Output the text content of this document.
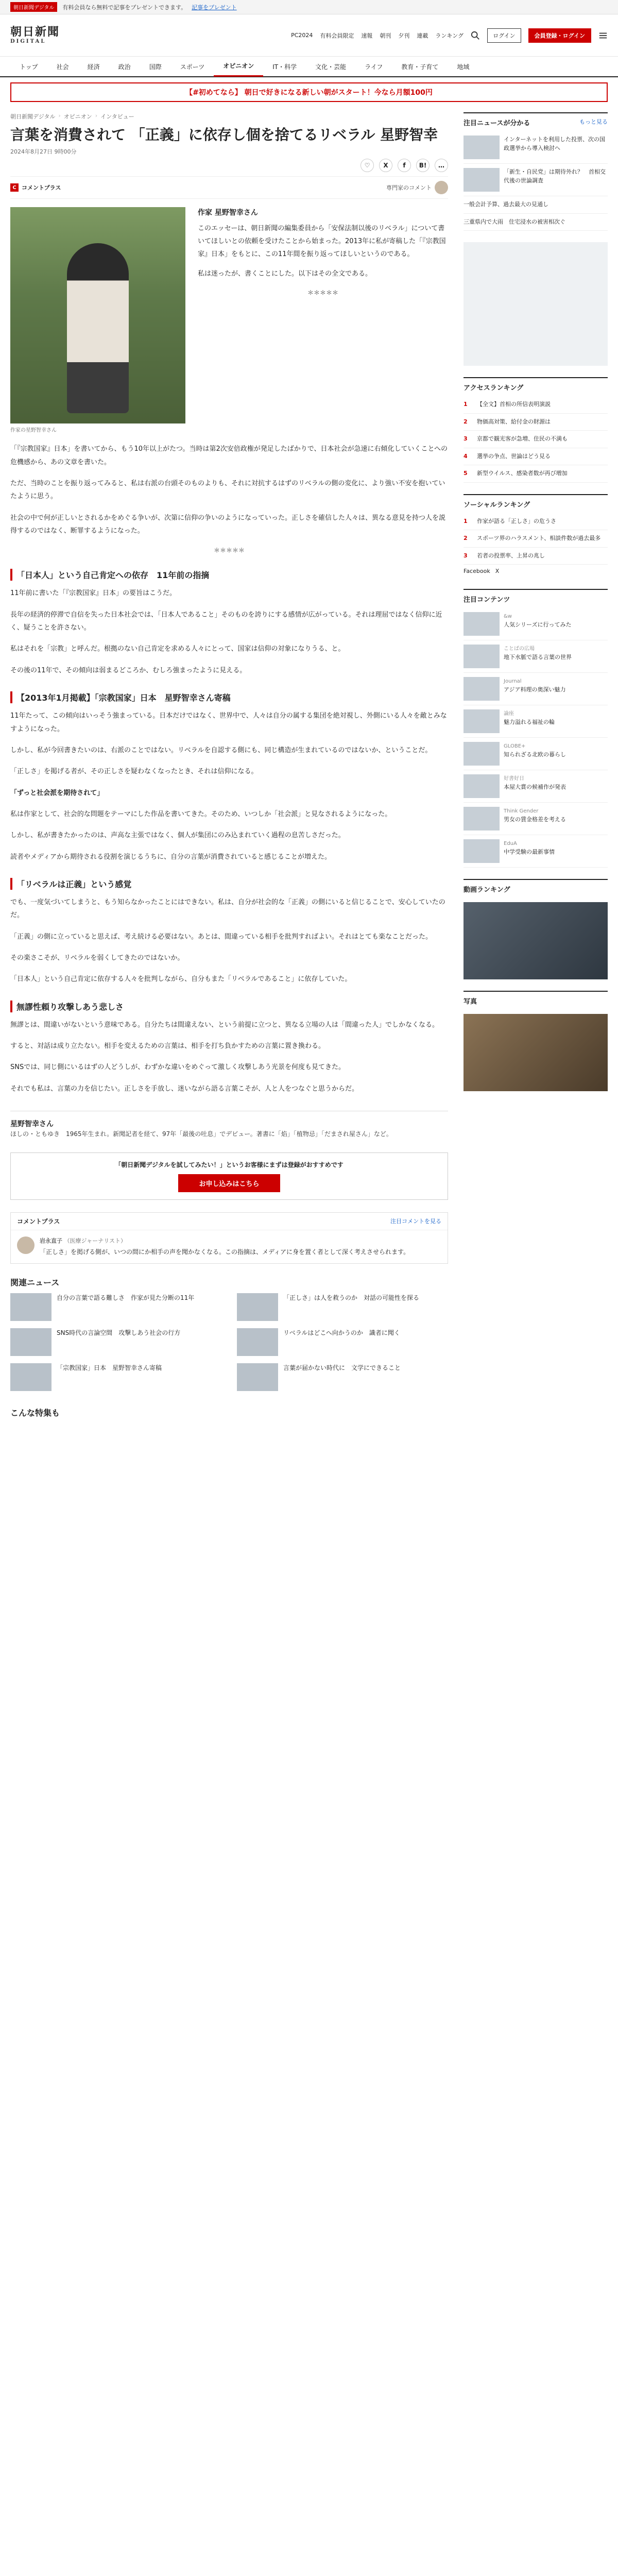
朝日新聞デジタル	有料会員なら無料で記事をプレゼントできます。 記事をプレゼント
朝日新聞
DIGITAL
PC2024 有料会員限定 速報 朝刊 夕刊 連載 ランキング	ログイン	会員登録・ログイン
トップ	社会	経済	政治	国際	スポーツ	オピニオン	IT・科学	文化・芸能	ライフ	教育・子育て	地域
【#初めてなら】 朝日で好きになる新しい朝がスタート！今なら月額100円
朝日新聞デジタル › オピニオン › インタビュー
言葉を消費されて 「正義」に依存し個を捨てるリベラル 星野智幸
2024年8月27日 9時00分
♡	X	f	B!	…
C コメントプラス	専門家のコメント
作家の星野智幸さん
作家 星野智幸さん

このエッセーは、朝日新聞の編集委員から「安保法制以後のリベラル」について書いてほしいとの依頼を受けたことから始まった。2013年に私が寄稿した「『宗教国家』日本」をもとに、この11年間を振り返ってほしいというのである。

私は迷ったが、書くことにした。以下はその全文である。

＊＊＊＊＊

「『宗教国家』日本」を書いてから、もう10年以上がたつ。当時は第2次安倍政権が発足したばかりで、日本社会が急速に右傾化していくことへの危機感から、あの文章を書いた。

ただ、当時のことを振り返ってみると、私は右派の台頭そのものよりも、それに対抗するはずのリベラルの側の変化に、より強い不安を抱いていたように思う。

社会の中で何が正しいとされるかをめぐる争いが、次第に信仰の争いのようになっていった。正しさを確信した人々は、異なる意見を持つ人を説得するのではなく、断罪するようになった。

＊＊＊＊＊
「日本人」という自己肯定への依存　11年前の指摘

11年前に書いた「『宗教国家』日本」の要旨はこうだ。

長年の経済的停滞で自信を失った日本社会では、「日本人であること」そのものを誇りにする感情が広がっている。それは理屈ではなく信仰に近く、疑うことを許さない。

私はそれを「宗教」と呼んだ。根拠のない自己肯定を求める人々にとって、国家は信仰の対象になりうる、と。

その後の11年で、その傾向は弱まるどころか、むしろ強まったように見える。

【2013年1月掲載】「宗教国家」日本　星野智幸さん寄稿

11年たって、この傾向はいっそう強まっている。日本だけではなく、世界中で、人々は自分の属する集団を絶対視し、外側にいる人々を敵とみなすようになった。

しかし、私が今回書きたいのは、右派のことではない。リベラルを自認する側にも、同じ構造が生まれているのではないか、ということだ。

「正しさ」を掲げる者が、その正しさを疑わなくなったとき、それは信仰になる。

「ずっと社会派を期待されて」

私は作家として、社会的な問題をテーマにした作品を書いてきた。そのため、いつしか「社会派」と見なされるようになった。

しかし、私が書きたかったのは、声高な主張ではなく、個人が集団にのみ込まれていく過程の息苦しさだった。

読者やメディアから期待される役割を演じるうちに、自分の言葉が消費されていると感じることが増えた。

「リベラルは正義」という感覚

でも、一度気づいてしまうと、もう知らなかったことにはできない。私は、自分が社会的な「正義」の側にいると信じることで、安心していたのだ。

「正義」の側に立っていると思えば、考え続ける必要はない。あとは、間違っている相手を批判すればよい。それはとても楽なことだった。

その楽さこそが、リベラルを弱くしてきたのではないか。

「日本人」という自己肯定に依存する人々を批判しながら、自分もまた「リベラルであること」に依存していた。

無謬性頼り攻撃しあう悲しさ

無謬とは、間違いがないという意味である。自分たちは間違えない、という前提に立つと、異なる立場の人は「間違った人」でしかなくなる。

すると、対話は成り立たない。相手を変えるための言葉は、相手を打ち負かすための言葉に置き換わる。

SNSでは、同じ側にいるはずの人どうしが、わずかな違いをめぐって激しく攻撃しあう光景を何度も見てきた。

それでも私は、言葉の力を信じたい。正しさを手放し、迷いながら語る言葉こそが、人と人をつなぐと思うからだ。

星野智幸さん
ほしの・ともゆき　1965年生まれ。新聞記者を経て、97年「最後の吐息」でデビュー。著書に「焰」「植物忌」「だまされ屋さん」など。
「朝日新聞デジタルを試してみたい！」というお客様にまずは登録がおすすめです
お申し込みはこちら
コメントプラス	注目コメントを見る
岩永直子 （医療ジャーナリスト）
「正しさ」を掲げる側が、いつの間にか相手の声を聞かなくなる。この指摘は、メディアに身を置く者として深く考えさせられます。
関連ニュース
自分の言葉で語る難しさ　作家が見た分断の11年	「正しさ」は人を救うのか　対話の可能性を探る
SNS時代の言論空間　攻撃しあう社会の行方	リベラルはどこへ向かうのか　識者に聞く
「宗教国家」日本　星野智幸さん寄稿	言葉が届かない時代に　文学にできること
こんな特集も
注目ニュースが分かる	もっと見る
インターネットを利用した投票、次の国政選挙から導入検討へ
「新生・自民党」は期待外れ？　首相交代後の世論調査
一般会計予算、過去最大の見通し
三重県内で大雨　住宅浸水の被害相次ぐ
アクセスランキング
1	【全文】首相の所信表明演説
2	物価高対策、給付金の財源は
3	京都で観光客が急増、住民の不満も
4	選挙の争点、世論はどう見る
5	新型ウイルス、感染者数が再び増加
ソーシャルランキング
1	作家が語る「正しさ」の危うさ
2	スポーツ界のハラスメント、相談件数が過去最多
3	若者の投票率、上昇の兆し
Facebook X
注目コンテンツ
&w
人気シリーズに行ってみた
ことばの広場
地下水脈で語る言葉の世界
Journal
アジア料理の奥深い魅力
論座
魅力溢れる福祉の輪
GLOBE+
知られざる北欧の暮らし
好書好日
本屋大賞の候補作が発表
Think Gender
男女の賃金格差を考える
EduA
中学受験の最新事情
動画ランキング
写真
